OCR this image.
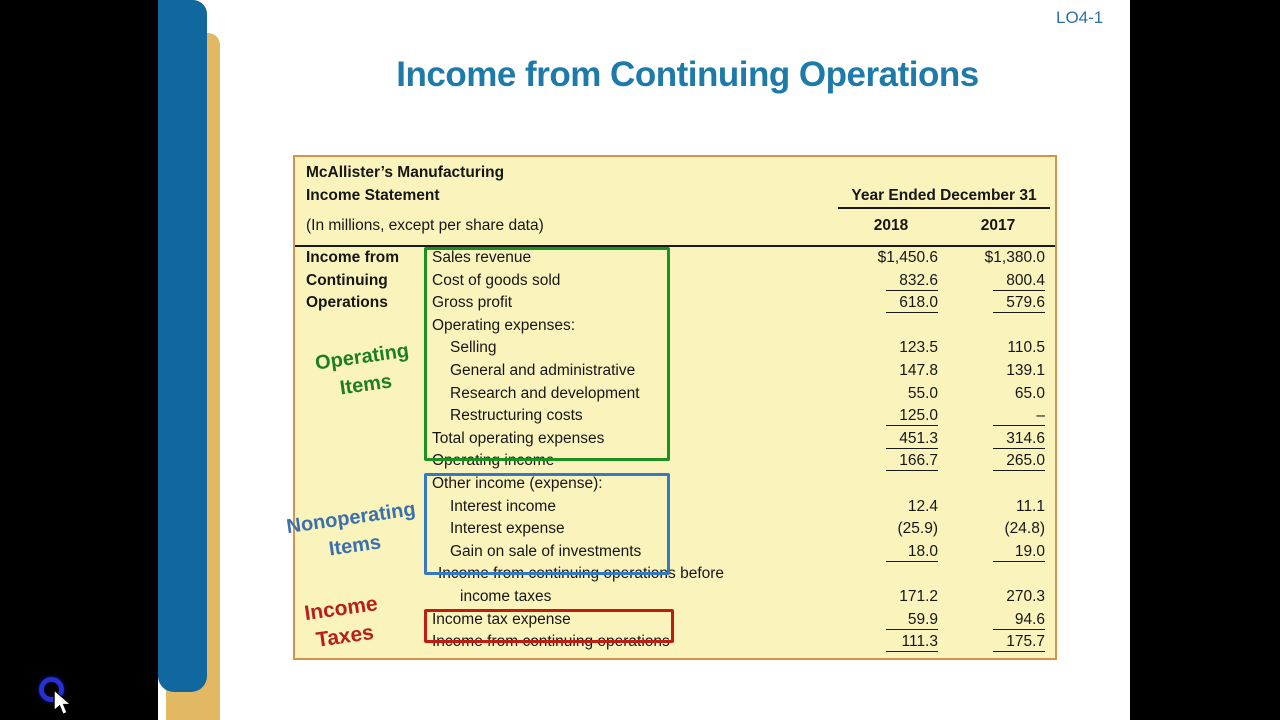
LO4-1
Income from Continuing Operations
McAllister’s Manufacturing
Income Statement	Year Ended December 31
(In millions, except per share data)	2018	2017
Income from Sales revenue	$1,450.6	$1,380.0
Continuing	Cost of goods sold	832.6	800.4
Operations	Gross profit	618.0	579.6
Operating expenses:
Selling	123.5	110.5
General and administrative	147.8	139.1
Research and development	55.0	65.0
Restructuring costs	125.0	–
Total operating expenses	451.3	314.6
Operating income	166.7	265.0
Other income (expense):
Interest income	12.4	11.1
Interest expense	(25.9)	(24.8)
Gain on sale of investments	18.0	19.0
Income from continuing operations before
income taxes	171.2	270.3
Income tax expense	59.9	94.6
Income from continuing operations	111.3	175.7
Operating
Items
Nonoperating
Items
Income
Taxes
